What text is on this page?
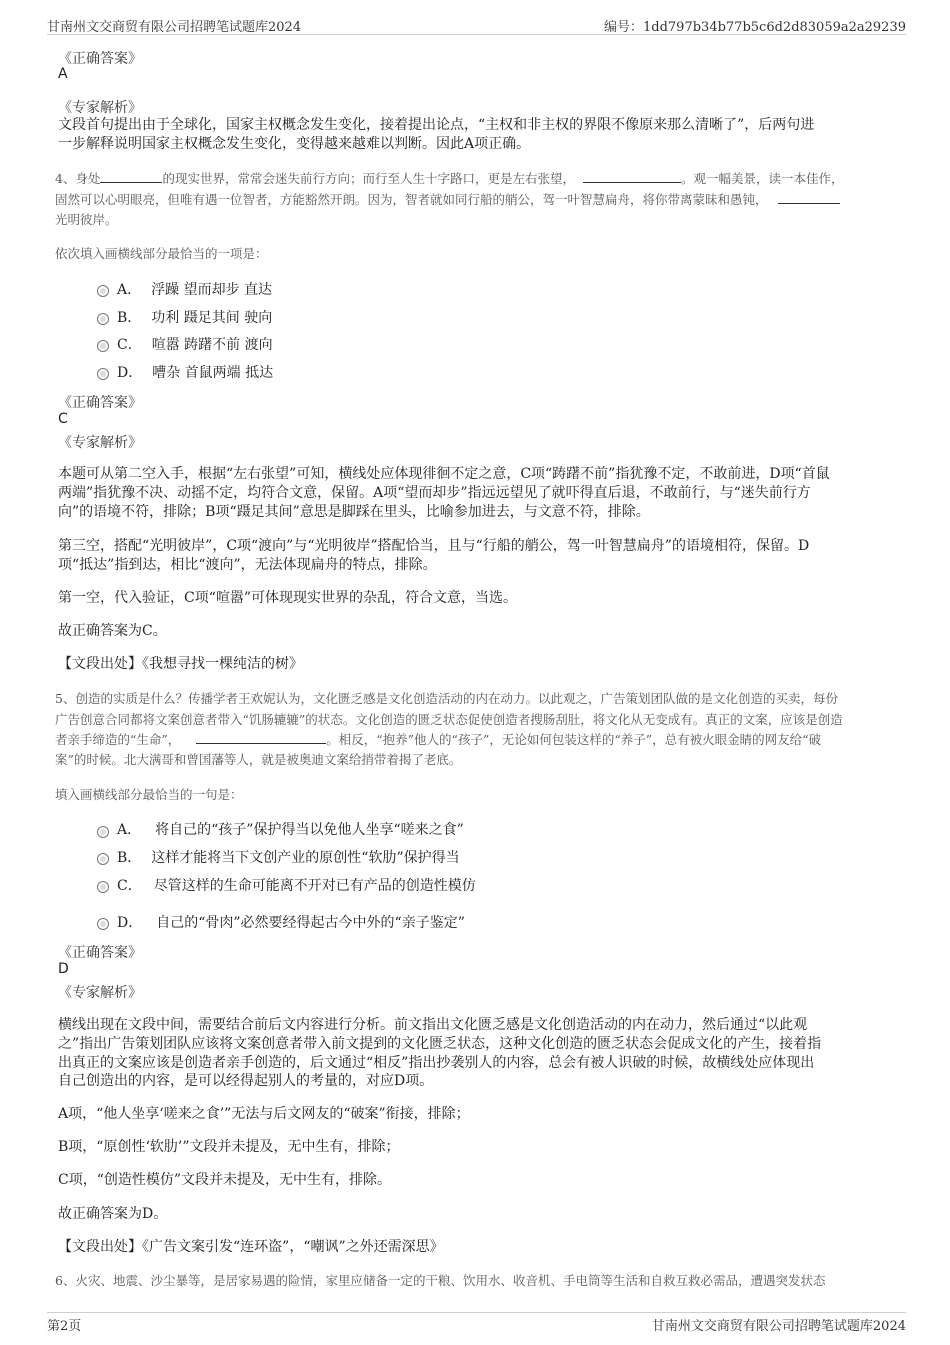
甘南州文交商贸有限公司招聘笔试题库2024	编号：1dd797b34b77b5c6d2d83059a2a29239
《正确答案》
A
《专家解析》
文段首句提出由于全球化，国家主权概念发生变化，接着提出论点，“主权和非主权的界限不像原来那么清晰了”，后两句进
一步解释说明国家主权概念发生变化，变得越来越难以判断。因此A项正确。
4、身处	的现实世界，常常会迷失前行方向；而行至人生十字路口，更是左右张望，	。观一幅美景，读一本佳作，
固然可以心明眼亮，但唯有遇一位智者，方能豁然开朗。因为，智者就如同行船的艄公，驾一叶智慧扁舟，将你带离蒙昧和愚钝，
光明彼岸。
依次填入画横线部分最恰当的一项是：
A． 浮躁 望而却步 直达
B． 功利 蹑足其间 驶向
C． 喧嚣 踌躇不前 渡向
D． 嘈杂 首鼠两端 抵达
《正确答案》
C
《专家解析》
本题可从第二空入手，根据“左右张望”可知，横线处应体现徘徊不定之意，C项“踌躇不前”指犹豫不定，不敢前进，D项“首鼠
两端”指犹豫不决、动摇不定，均符合文意，保留。A项“望而却步”指远远望见了就吓得直后退，不敢前行，与“迷失前行方
向”的语境不符，排除；B项“蹑足其间”意思是脚踩在里头，比喻参加进去，与文意不符，排除。
第三空，搭配“光明彼岸”，C项“渡向”与“光明彼岸”搭配恰当，且与“行船的艄公，驾一叶智慧扁舟”的语境相符，保留。D
项“抵达”指到达，相比“渡向”，无法体现扁舟的特点，排除。
第一空，代入验证，C项“喧嚣”可体现现实世界的杂乱，符合文意，当选。
故正确答案为C。
【文段出处】《我想寻找一棵纯洁的树》
5、创造的实质是什么？传播学者王欢妮认为，文化匮乏感是文化创造活动的内在动力。以此观之，广告策划团队做的是文化创造的买卖，每份
广告创意合同都将文案创意者带入“饥肠辘辘”的状态。文化创造的匮乏状态促使创造者搜肠刮肚，将文化从无变成有。真正的文案，应该是创造
者亲手缔造的“生命”，	。相反，“抱养”他人的“孩子”，无论如何包装这样的“养子”，总有被火眼金睛的网友给“破
案”的时候。北大满哥和曾国藩等人，就是被奥迪文案给捎带着揭了老底。
填入画横线部分最恰当的一句是：
A． 将自己的“孩子”保护得当以免他人坐享“嗟来之食”
B． 这样才能将当下文创产业的原创性“软肋”保护得当
C． 尽管这样的生命可能离不开对已有产品的创造性模仿
D． 自己的“骨肉”必然要经得起古今中外的“亲子鉴定”
《正确答案》
D
《专家解析》
横线出现在文段中间，需要结合前后文内容进行分析。前文指出文化匮乏感是文化创造活动的内在动力，然后通过“以此观
之”指出广告策划团队应该将文案创意者带入前文提到的文化匮乏状态，这种文化创造的匮乏状态会促成文化的产生，接着指
出真正的文案应该是创造者亲手创造的，后文通过“相反”指出抄袭别人的内容，总会有被人识破的时候，故横线处应体现出
自己创造出的内容，是可以经得起别人的考量的，对应D项。
A项，“他人坐享‘嗟来之食’”无法与后文网友的“破案”衔接，排除；
B项，“原创性‘软肋’”文段并未提及，无中生有，排除；
C项，“创造性模仿”文段并未提及，无中生有，排除。
故正确答案为D。
【文段出处】《广告文案引发“连环盗”，“嘲讽”之外还需深思》
6、火灾、地震、沙尘暴等，是居家易遇的险情，家里应储备一定的干粮、饮用水、收音机、手电筒等生活和自救互救必需品，遭遇突发状态
第2页	甘南州文交商贸有限公司招聘笔试题库2024
